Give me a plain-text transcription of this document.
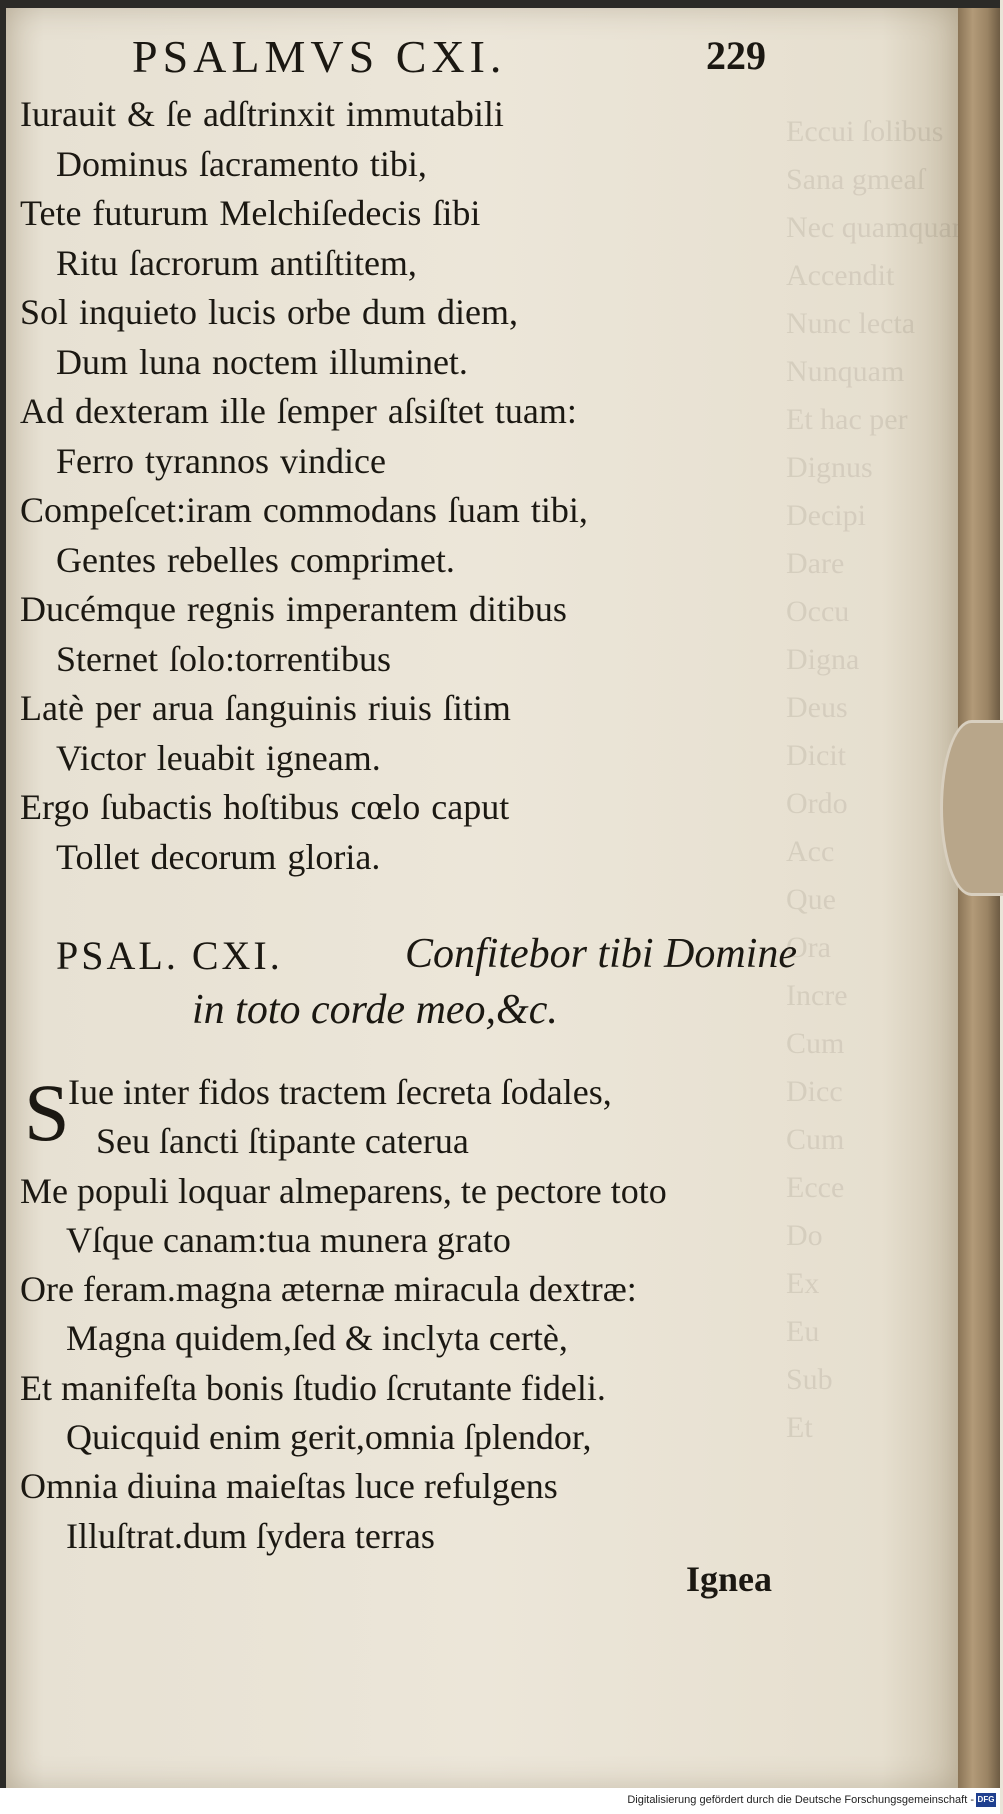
Eccui ſolibus
Sana gmeaſ
Nec quamquam
Accendit
Nunc lecta
Nunquam
Et hac per
Dignus
Decipi
Dare
Occu
Digna
Deus
Dicit
Ordo
Acc
Que
Ora
Incre
Cum
Dicc
Cum
Ecce
Do
Ex
Eu
Sub
Et
PSALMVS CXI.	229
Iurauit & ſe adſtrinxit immutabili
Dominus ſacramento tibi,
Tete futurum Melchiſedecis ſibi
Ritu ſacrorum antiſtitem,
Sol inquieto lucis orbe dum diem,
Dum luna noctem illuminet.
Ad dexteram ille ſemper aſsiſtet tuam:
Ferro tyrannos vindice
Compeſcet:iram commodans ſuam tibi,
Gentes rebelles comprimet.
Ducémque regnis imperantem ditibus
Sternet ſolo:torrentibus
Latè per arua ſanguinis riuis ſitim
Victor leuabit igneam.
Ergo ſubactis hoſtibus cœlo caput
Tollet decorum gloria.
PSAL. CXI.	Confitebor tibi Domine
in toto corde meo,&c.
S
Iue inter fidos tractem ſecreta ſodales,
Seu ſancti ſtipante caterua
Me populi loquar almeparens, te pectore toto
Vſque canam:tua munera grato
Ore feram.magna æternæ miracula dextræ:
Magna quidem,ſed & inclyta certè,
Et manifeſta bonis ſtudio ſcrutante fideli.
Quicquid enim gerit,omnia ſplendor,
Omnia diuina maieſtas luce refulgens
Illuſtrat.dum ſydera terras
Ignea
Digitalisierung gefördert durch die Deutsche Forschungsgemeinschaft - DFG
